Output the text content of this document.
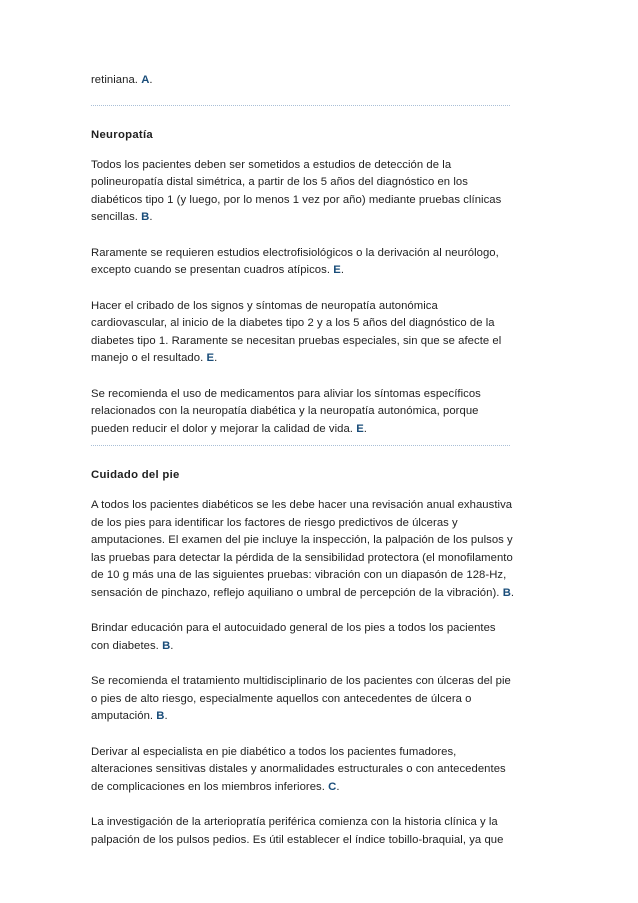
retiniana. A.

Neuropatía

Todos los pacientes deben ser sometidos a estudios de detección de la polineuropatía distal simétrica, a partir de los 5 años del diagnóstico en los diabéticos tipo 1 (y luego, por lo menos 1 vez por año) mediante pruebas clínicas sencillas. B.

Raramente se requieren estudios electrofisiológicos o la derivación al neurólogo, excepto cuando se presentan cuadros atípicos. E.

Hacer el cribado de los signos y síntomas de neuropatía autonómica cardiovascular, al inicio de la diabetes tipo 2 y a los 5 años del diagnóstico de la diabetes tipo 1. Raramente se necesitan pruebas especiales, sin que se afecte el manejo o el resultado. E.

Se recomienda el uso de medicamentos para aliviar los síntomas específicos relacionados con la neuropatía diabética y la neuropatía autonómica, porque pueden reducir el dolor y mejorar la calidad de vida. E.

Cuidado del pie

A todos los pacientes diabéticos se les debe hacer una revisación anual exhaustiva de los pies para identificar los factores de riesgo predictivos de úlceras y amputaciones. El examen del pie incluye la inspección, la palpación de los pulsos y las pruebas para detectar la pérdida de la sensibilidad protectora (el monofilamento de 10 g más una de las siguientes pruebas: vibración con un diapasón de 128-Hz, sensación de pinchazo, reflejo aquiliano o umbral de percepción de la vibración). B.

Brindar educación para el autocuidado general de los pies a todos los pacientes con diabetes. B.

Se recomienda el tratamiento multidisciplinario de los pacientes con úlceras del pie o pies de alto riesgo, especialmente aquellos con antecedentes de úlcera o amputación. B.

Derivar al especialista en pie diabético a todos los pacientes fumadores, alteraciones sensitivas distales y anormalidades estructurales o con antecedentes de complicaciones en los miembros inferiores. C.

La investigación de la arteriopratía periférica comienza con la historia clínica y la palpación de los pulsos pedios. Es útil establecer el índice tobillo-braquial, ya que
